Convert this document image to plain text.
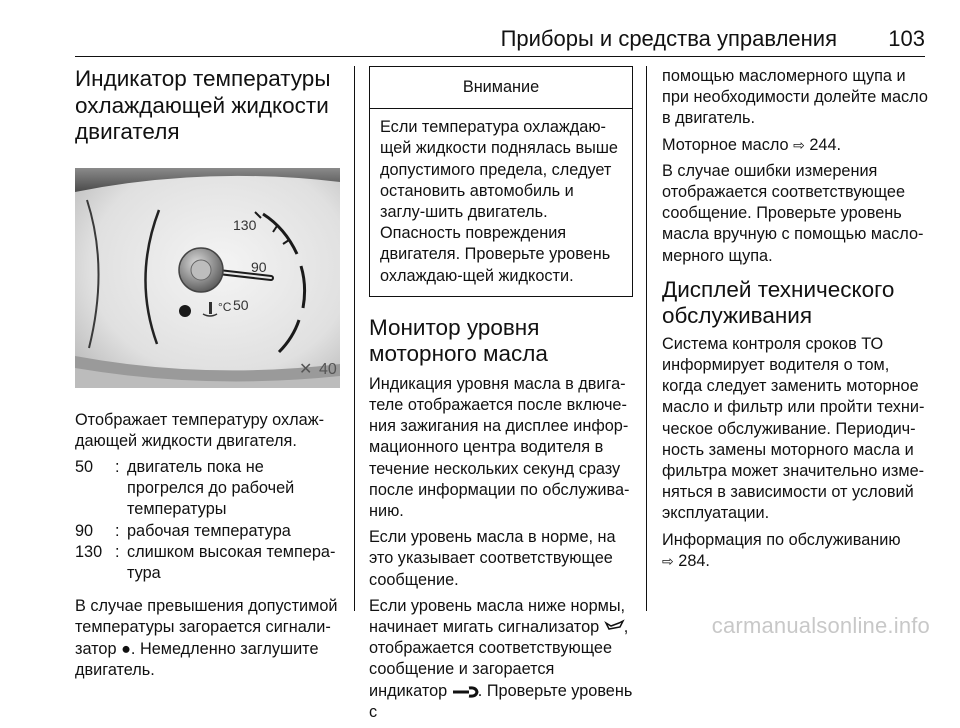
Приборы и средства управления 103
Индикатор температуры охлаждающей жидкости двигателя
130
90
50
°C
40
✕

Отображает температуру охлаж-дающей жидкости двигателя.

50	: двигатель пока не прогрелся до рабочей температуры
90	: рабочая температура
130 : слишком высокая темпера-тура

В случае превышения допустимой температуры загорается сигнали-затор ●. Немедленно заглушите двигатель.

Внимание
Если температура охлаждаю-щей жидкости поднялась выше допустимого предела, следует остановить автомобиль и заглу-шить двигатель. Опасность повреждения двигателя. Проверьте уровень охлаждаю-щей жидкости.
Монитор уровня моторного масла

Индикация уровня масла в двига-теле отображается после включе-ния зажигания на дисплее инфор-мационного центра водителя в течение нескольких секунд сразу после информации по обслужива-нию.

Если уровень масла в норме, на это указывает соответствующее сообщение.

Если уровень масла ниже нормы, начинает мигать сигнализатор , отображается соответствующее сообщение и загорается индикатор . Проверьте уровень с

помощью масломерного щупа и при необходимости долейте масло в двигатель.

Моторное масло ⇨ 244.

В случае ошибки измерения отображается соответствующее сообщение. Проверьте уровень масла вручную с помощью масло-мерного щупа.

Дисплей технического обслуживания

Система контроля сроков ТО информирует водителя о том, когда следует заменить моторное масло и фильтр или пройти техни-ческое обслуживание. Периодич-ность замены моторного масла и фильтра может значительно изме-няться в зависимости от условий эксплуатации.

Информация по обслуживанию
⇨ 284.

carmanualsonline.info
